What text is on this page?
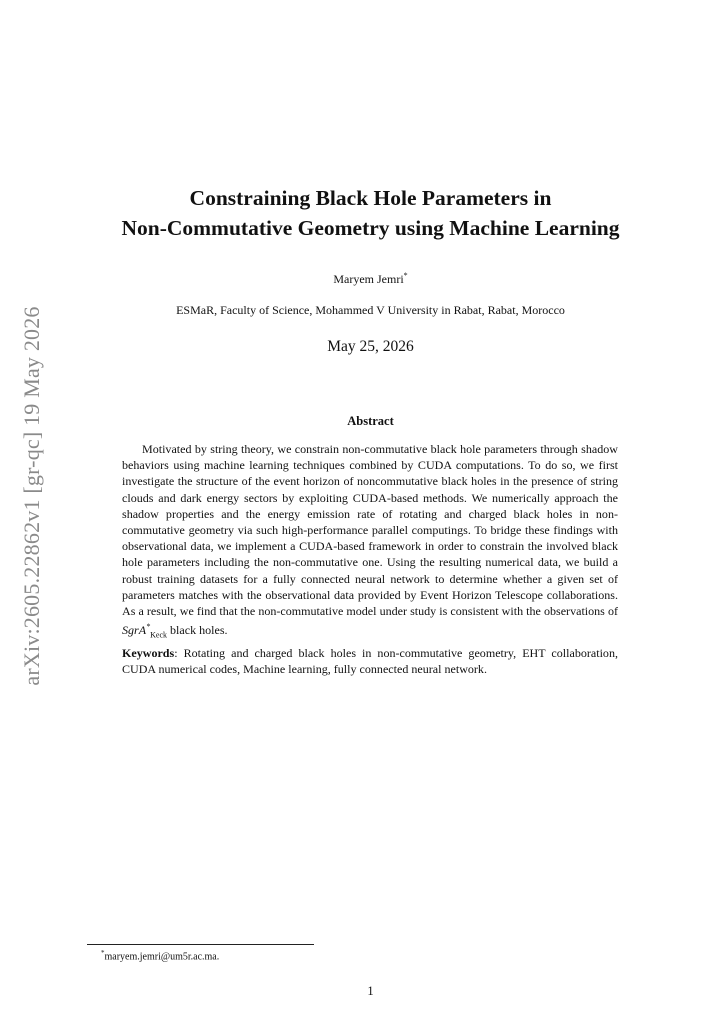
arXiv:2605.22862v1 [gr-qc] 19 May 2026
Constraining Black Hole Parameters in
Non-Commutative Geometry using Machine Learning
Maryem Jemri*
ESMaR, Faculty of Science, Mohammed V University in Rabat, Rabat, Morocco
May 25, 2026
Abstract

Motivated by string theory, we constrain non-commutative black hole parameters through shadow behaviors using machine learning techniques combined by CUDA computations. To do so, we first investigate the structure of the event horizon of noncommutative black holes in the presence of string clouds and dark energy sectors by exploiting CUDA-based methods. We numerically approach the shadow properties and the energy emission rate of rotating and charged black holes in non-commutative geometry via such high-performance parallel computings. To bridge these findings with observational data, we implement a CUDA-based framework in order to constrain the involved black hole parameters including the non-commutative one. Using the resulting numerical data, we build a robust training datasets for a fully connected neural network to determine whether a given set of parameters matches with the observational data provided by Event Horizon Telescope collaborations. As a result, we find that the non-commutative model under study is consistent with the observations of SgrA*$_{Keck}$ black holes.

Keywords: Rotating and charged black holes in non-commutative geometry, EHT collaboration, CUDA numerical codes, Machine learning, fully connected neural network.

*maryem.jemri@um5r.ac.ma.
1
